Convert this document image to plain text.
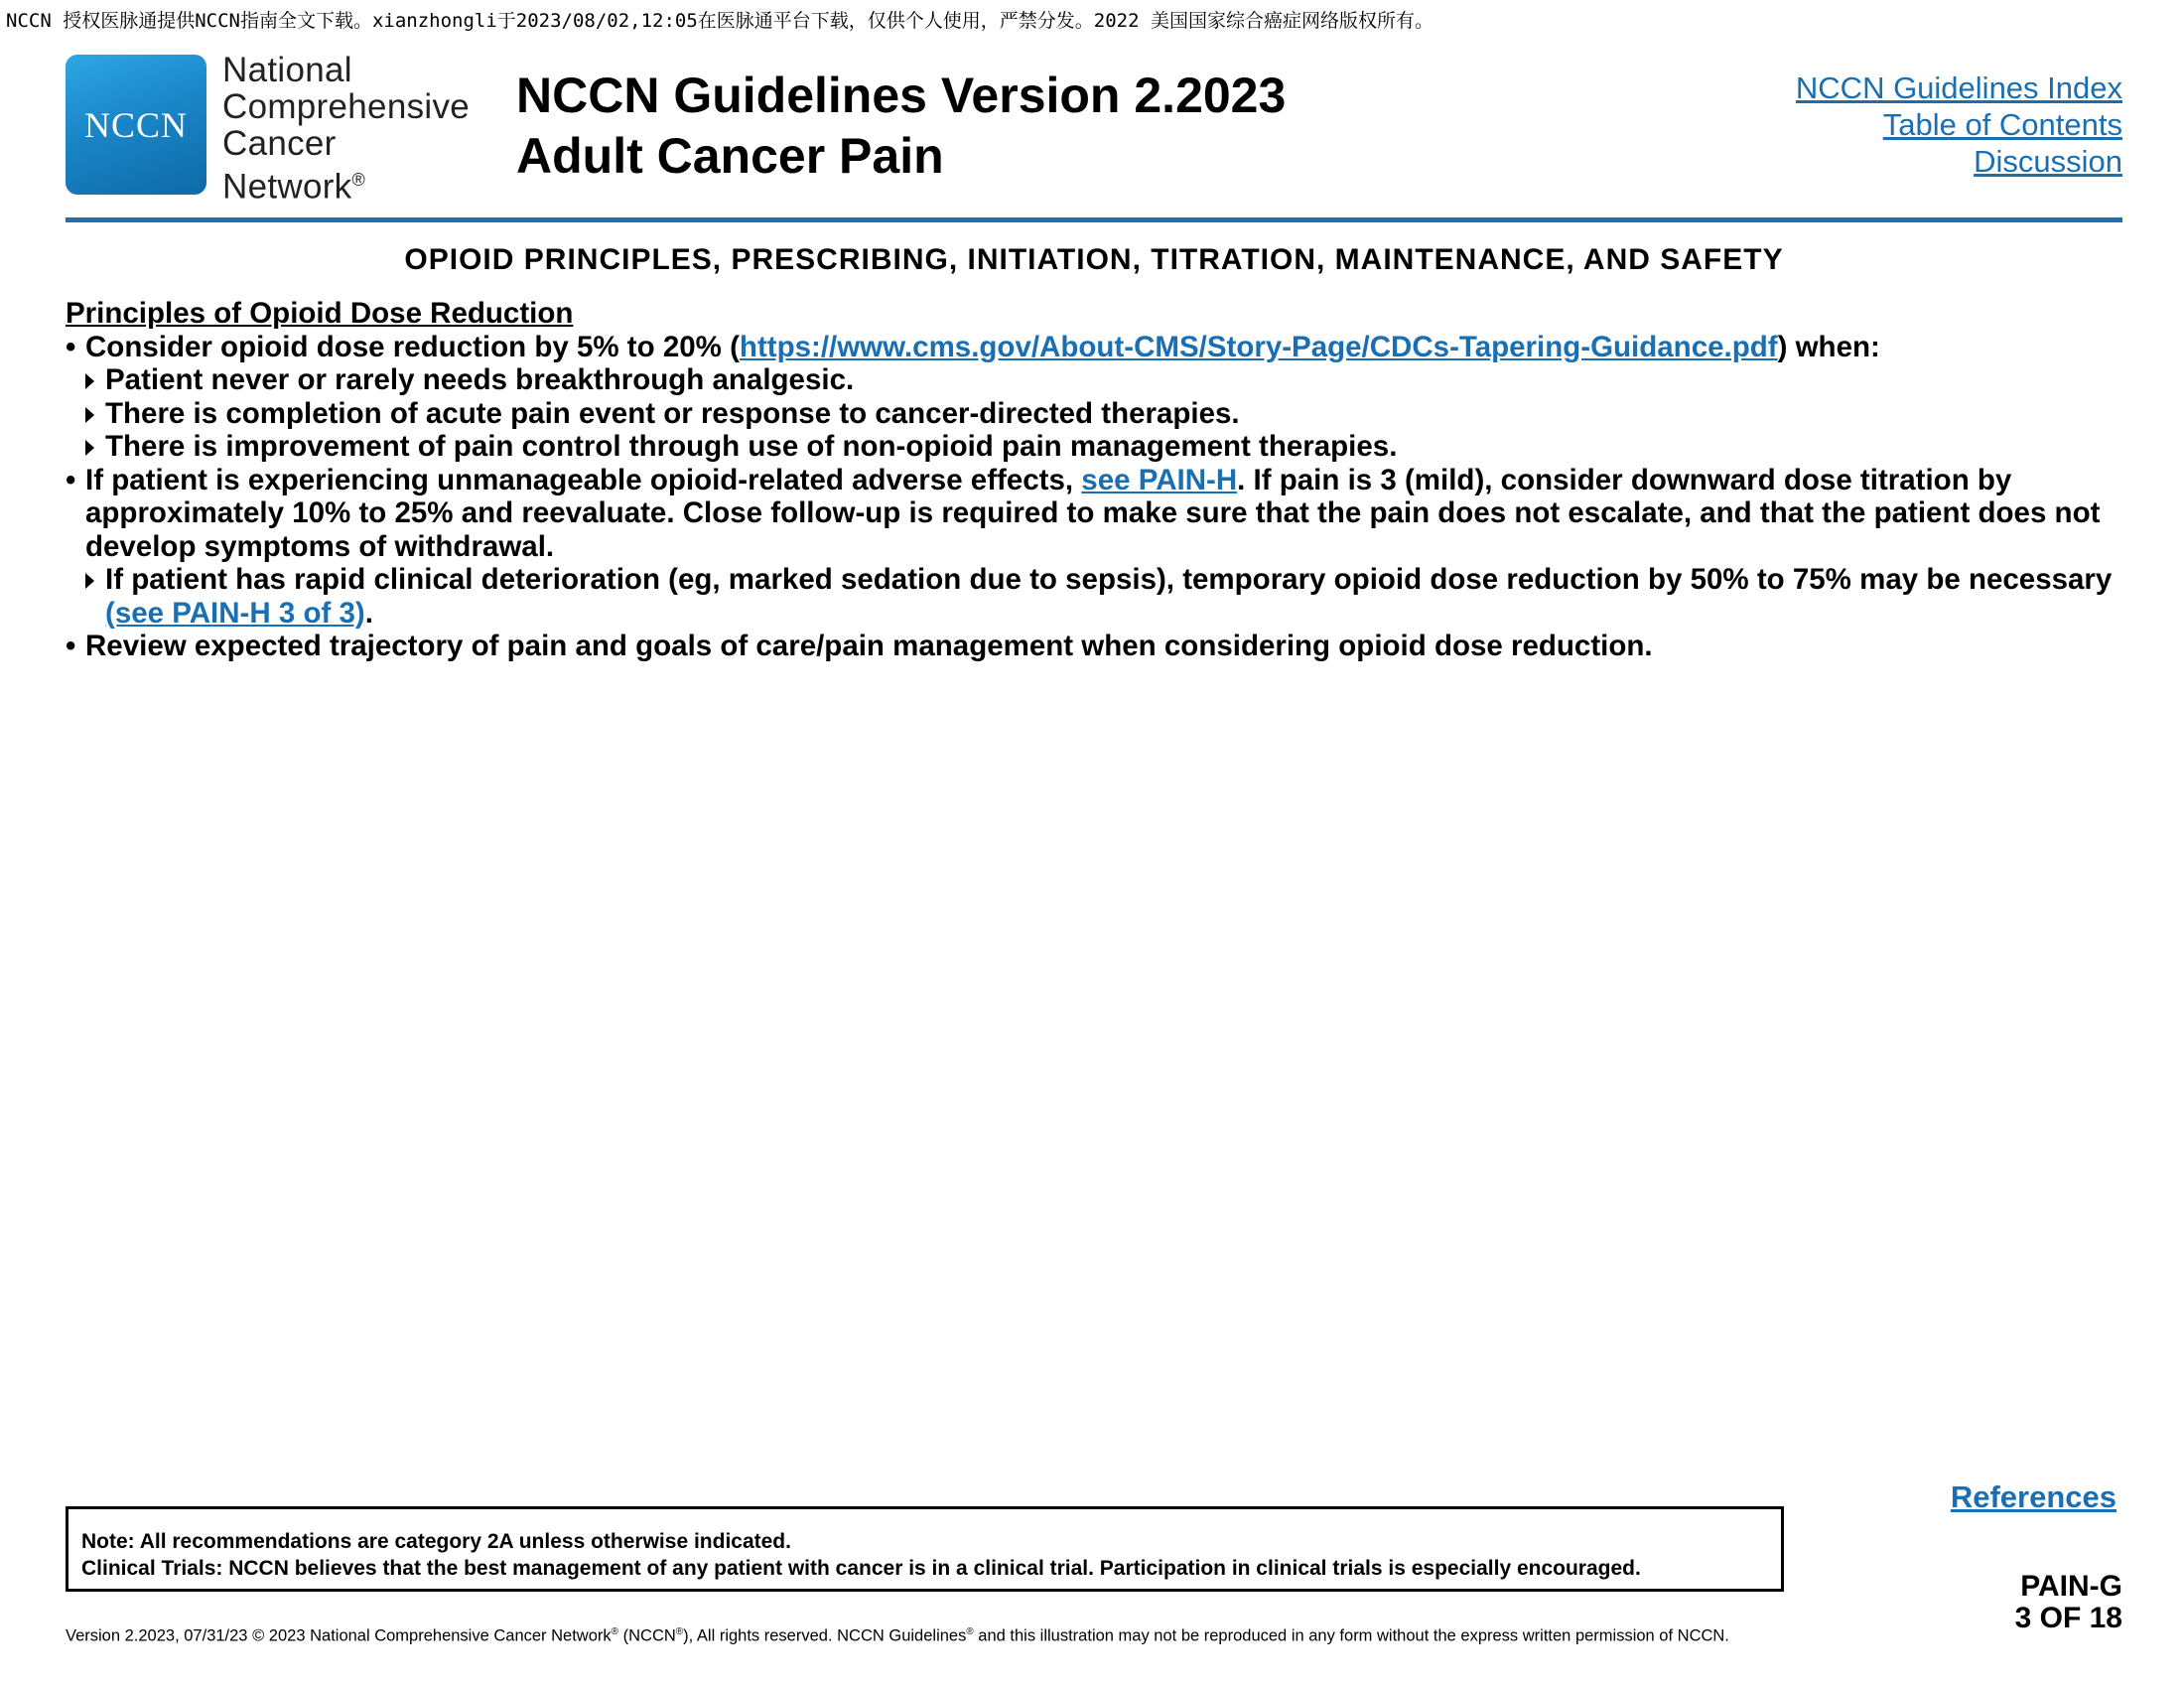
NCCN 授权医脉通提供NCCN指南全文下载。xianzhongli于2023/08/02,12:05在医脉通平台下载，仅供个人使用，严禁分发。2022 美国国家综合癌症网络版权所有。
NCCN
National
Comprehensive
Cancer
Network®
NCCN Guidelines Version 2.2023
Adult Cancer Pain
NCCN Guidelines Index
Table of Contents
Discussion
OPIOID PRINCIPLES, PRESCRIBING, INITIATION, TITRATION, MAINTENANCE, AND SAFETY
Principles of Opioid Dose Reduction
• Consider opioid dose reduction by 5% to 20% (https://www.cms.gov/About-CMS/Story-Page/CDCs-Tapering-Guidance.pdf) when:
Patient never or rarely needs breakthrough analgesic.
There is completion of acute pain event or response to cancer-directed therapies.
There is improvement of pain control through use of non-opioid pain management therapies.
• If patient is experiencing unmanageable opioid-related adverse effects, see PAIN-H. If pain is 3 (mild), consider downward dose titration by approximately 10% to 25% and reevaluate. Close follow-up is required to make sure that the pain does not escalate, and that the patient does not develop symptoms of withdrawal.
If patient has rapid clinical deterioration (eg, marked sedation due to sepsis), temporary opioid dose reduction by 50% to 75% may be necessary (see PAIN-H 3 of 3).
• Review expected trajectory of pain and goals of care/pain management when considering opioid dose reduction.
References
Note: All recommendations are category 2A unless otherwise indicated.
Clinical Trials: NCCN believes that the best management of any patient with cancer is in a clinical trial. Participation in clinical trials is especially encouraged.
PAIN-G
3 OF 18
Version 2.2023, 07/31/23 © 2023 National Comprehensive Cancer Network® (NCCN®), All rights reserved. NCCN Guidelines® and this illustration may not be reproduced in any form without the express written permission of NCCN.
